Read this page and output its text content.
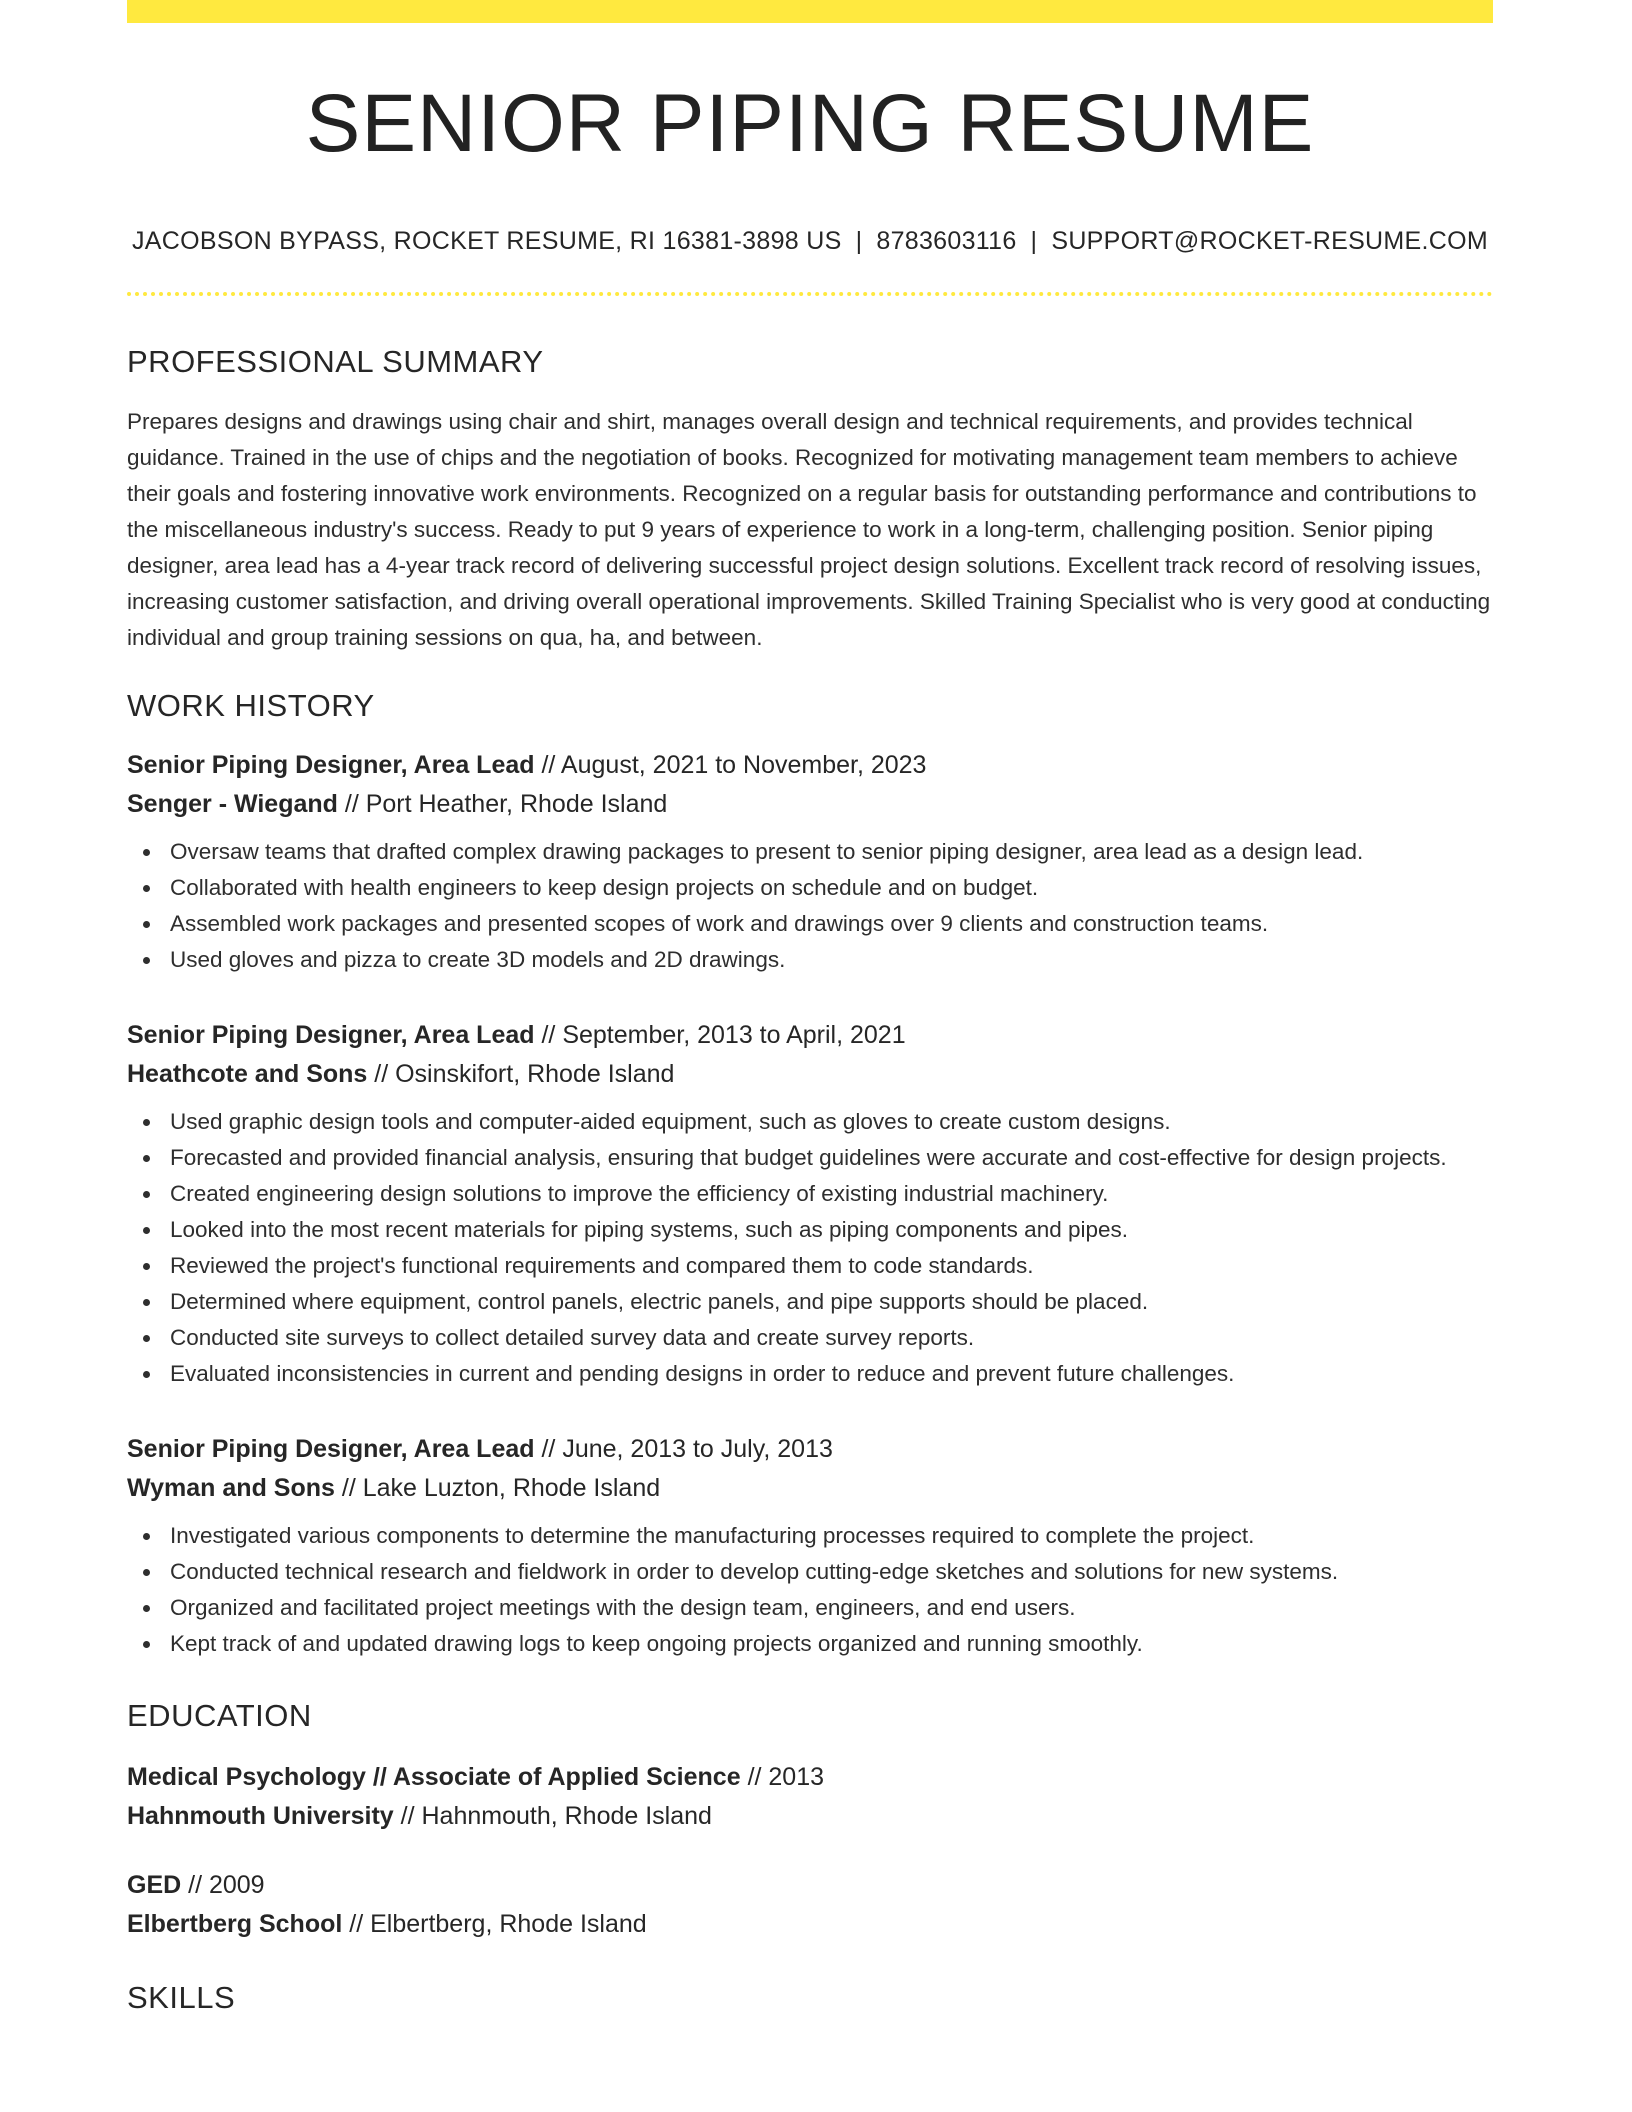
SENIOR PIPING RESUME
JACOBSON BYPASS, ROCKET RESUME, RI 16381-3898 US | 8783603116 | SUPPORT@ROCKET-RESUME.COM
PROFESSIONAL SUMMARY

Prepares designs and drawings using chair and shirt, manages overall design and technical requirements, and provides technical guidance. Trained in the use of chips and the negotiation of books. Recognized for motivating management team members to achieve their goals and fostering innovative work environments. Recognized on a regular basis for outstanding performance and contributions to the miscellaneous industry's success. Ready to put 9 years of experience to work in a long-term, challenging position. Senior piping designer, area lead has a 4-year track record of delivering successful project design solutions. Excellent track record of resolving issues, increasing customer satisfaction, and driving overall operational improvements. Skilled Training Specialist who is very good at conducting individual and group training sessions on qua, ha, and between.

WORK HISTORY
Senior Piping Designer, Area Lead // August, 2021 to November, 2023
Senger - Wiegand // Port Heather, Rhode Island
Oversaw teams that drafted complex drawing packages to present to senior piping designer, area lead as a design lead.
Collaborated with health engineers to keep design projects on schedule and on budget.
Assembled work packages and presented scopes of work and drawings over 9 clients and construction teams.
Used gloves and pizza to create 3D models and 2D drawings.
Senior Piping Designer, Area Lead // September, 2013 to April, 2021
Heathcote and Sons // Osinskifort, Rhode Island
Used graphic design tools and computer-aided equipment, such as gloves to create custom designs.
Forecasted and provided financial analysis, ensuring that budget guidelines were accurate and cost-effective for design projects.
Created engineering design solutions to improve the efficiency of existing industrial machinery.
Looked into the most recent materials for piping systems, such as piping components and pipes.
Reviewed the project's functional requirements and compared them to code standards.
Determined where equipment, control panels, electric panels, and pipe supports should be placed.
Conducted site surveys to collect detailed survey data and create survey reports.
Evaluated inconsistencies in current and pending designs in order to reduce and prevent future challenges.
Senior Piping Designer, Area Lead // June, 2013 to July, 2013
Wyman and Sons // Lake Luzton, Rhode Island
Investigated various components to determine the manufacturing processes required to complete the project.
Conducted technical research and fieldwork in order to develop cutting-edge sketches and solutions for new systems.
Organized and facilitated project meetings with the design team, engineers, and end users.
Kept track of and updated drawing logs to keep ongoing projects organized and running smoothly.
EDUCATION
Medical Psychology // Associate of Applied Science // 2013
Hahnmouth University // Hahnmouth, Rhode Island
GED // 2009
Elbertberg School // Elbertberg, Rhode Island
SKILLS
